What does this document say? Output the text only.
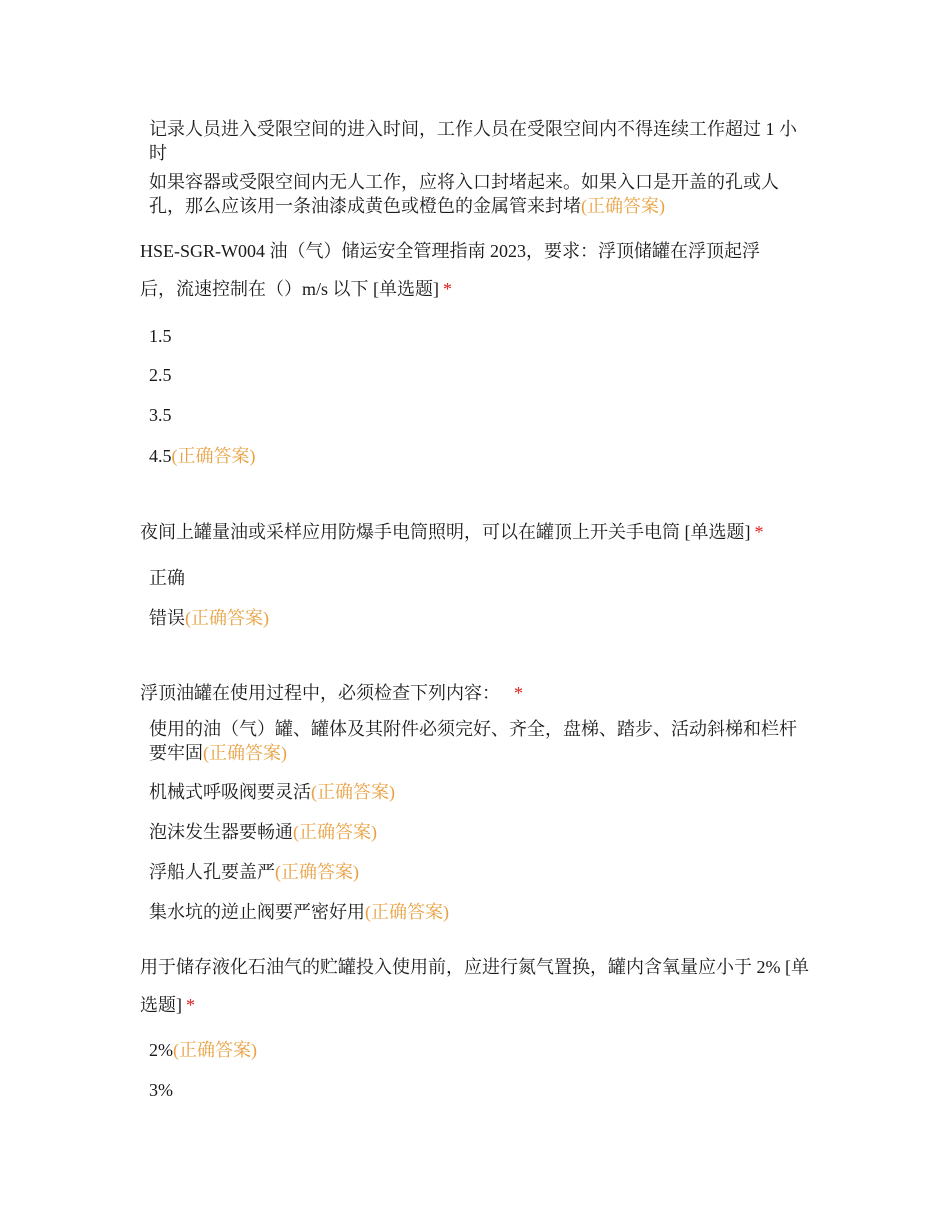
记录人员进入受限空间的进入时间，工作人员在受限空间内不得连续工作超过 1 小时
如果容器或受限空间内无人工作，应将入口封堵起来。如果入口是开盖的孔或人孔，那么应该用一条油漆成黄色或橙色的金属管来封堵(正确答案)
HSE-SGR-W004 油（气）储运安全管理指南 2023，要求：浮顶储罐在浮顶起浮后，流速控制在（）m/s 以下 [单选题] *
1.5
2.5
3.5
4.5(正确答案)
夜间上罐量油或采样应用防爆手电筒照明，可以在罐顶上开关手电筒 [单选题] *
正确
错误(正确答案)
浮顶油罐在使用过程中，必须检查下列内容： *
使用的油（气）罐、罐体及其附件必须完好、齐全，盘梯、踏步、活动斜梯和栏杆要牢固(正确答案)
机械式呼吸阀要灵活(正确答案)
泡沫发生器要畅通(正确答案)
浮船人孔要盖严(正确答案)
集水坑的逆止阀要严密好用(正确答案)
用于储存液化石油气的贮罐投入使用前，应进行氮气置换，罐内含氧量应小于 2% [单选题] *
2%(正确答案)
3%
